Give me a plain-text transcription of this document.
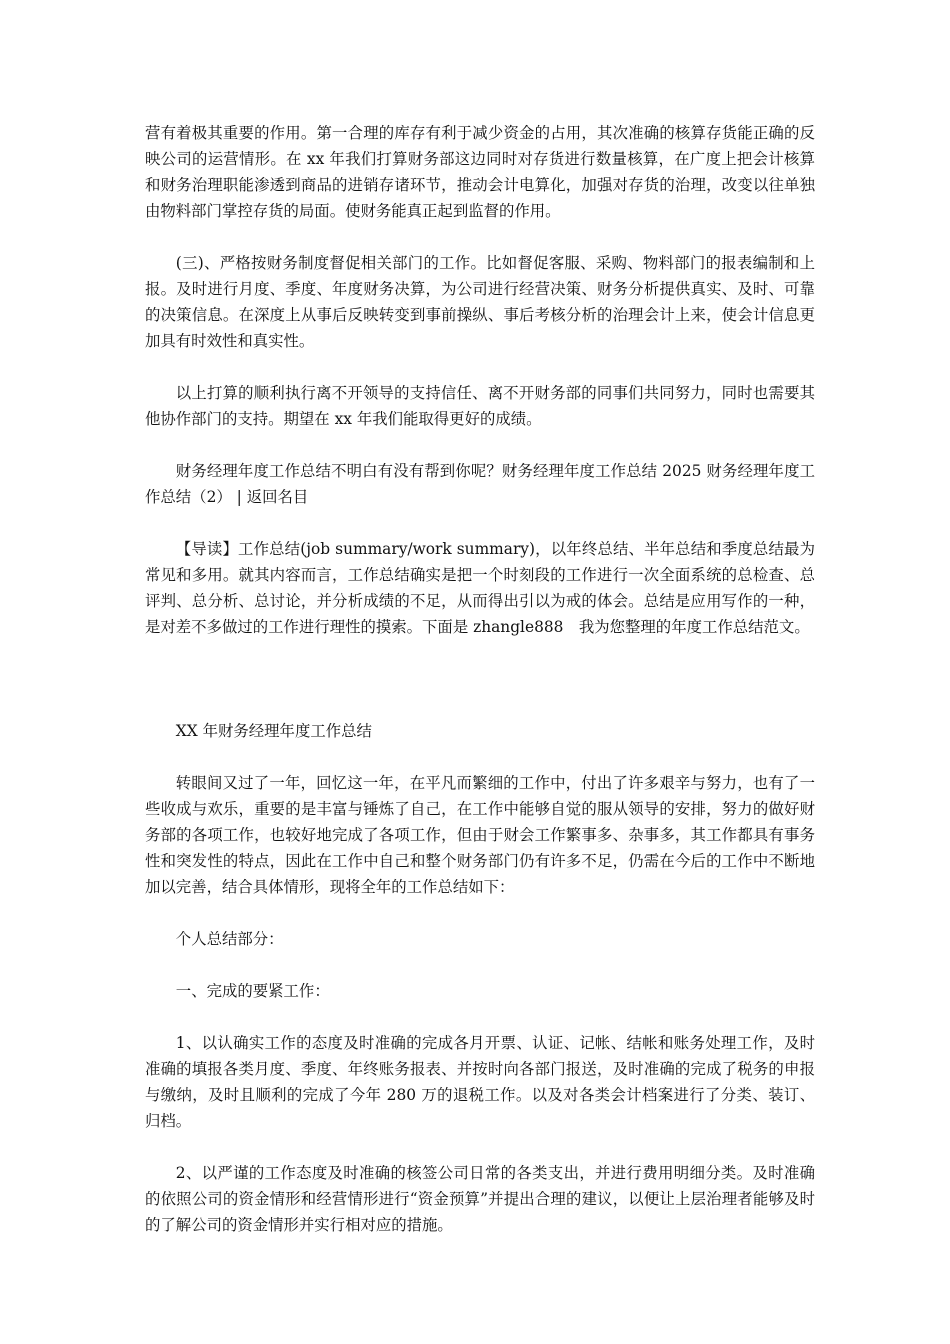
营有着极其重要的作用。第一合理的库存有利于减少资金的占用，其次准确的核算存货能正确的反映公司的运营情形。在 xx 年我们打算财务部这边同时对存货进行数量核算，在广度上把会计核算和财务治理职能渗透到商品的进销存诸环节，推动会计电算化，加强对存货的治理，改变以往单独由物料部门掌控存货的局面。使财务能真正起到监督的作用。

(三)、严格按财务制度督促相关部门的工作。比如督促客服、采购、物料部门的报表编制和上报。及时进行月度、季度、年度财务决算，为公司进行经营决策、财务分析提供真实、及时、可靠的决策信息。在深度上从事后反映转变到事前操纵、事后考核分析的治理会计上来，使会计信息更加具有时效性和真实性。

以上打算的顺利执行离不开领导的支持信任、离不开财务部的同事们共同努力，同时也需要其他协作部门的支持。期望在 xx 年我们能取得更好的成绩。

财务经理年度工作总结不明白有没有帮到你呢？财务经理年度工作总结 2025 财务经理年度工作总结（2） | 返回名目

【导读】工作总结(job summary/work summary)，以年终总结、半年总结和季度总结最为常见和多用。就其内容而言，工作总结确实是把一个时刻段的工作进行一次全面系统的总检查、总评判、总分析、总讨论，并分析成绩的不足，从而得出引以为戒的体会。总结是应用写作的一种，是对差不多做过的工作进行理性的摸索。下面是 zhangle888　我为您整理的年度工作总结范文。

XX 年财务经理年度工作总结

转眼间又过了一年，回忆这一年，在平凡而繁细的工作中，付出了许多艰辛与努力，也有了一些收成与欢乐，重要的是丰富与锤炼了自己，在工作中能够自觉的服从领导的安排，努力的做好财务部的各项工作，也较好地完成了各项工作，但由于财会工作繁事多、杂事多，其工作都具有事务性和突发性的特点，因此在工作中自己和整个财务部门仍有许多不足，仍需在今后的工作中不断地加以完善，结合具体情形，现将全年的工作总结如下：

个人总结部分：

一、完成的要紧工作：

1、以认确实工作的态度及时准确的完成各月开票、认证、记帐、结帐和账务处理工作，及时准确的填报各类月度、季度、年终账务报表、并按时向各部门报送，及时准确的完成了税务的申报与缴纳，及时且顺利的完成了今年 280 万的退税工作。以及对各类会计档案进行了分类、装订、归档。

2、以严谨的工作态度及时准确的核签公司日常的各类支出，并进行费用明细分类。及时准确的依照公司的资金情形和经营情形进行“资金预算”并提出合理的建议，以便让上层治理者能够及时的了解公司的资金情形并实行相对应的措施。
